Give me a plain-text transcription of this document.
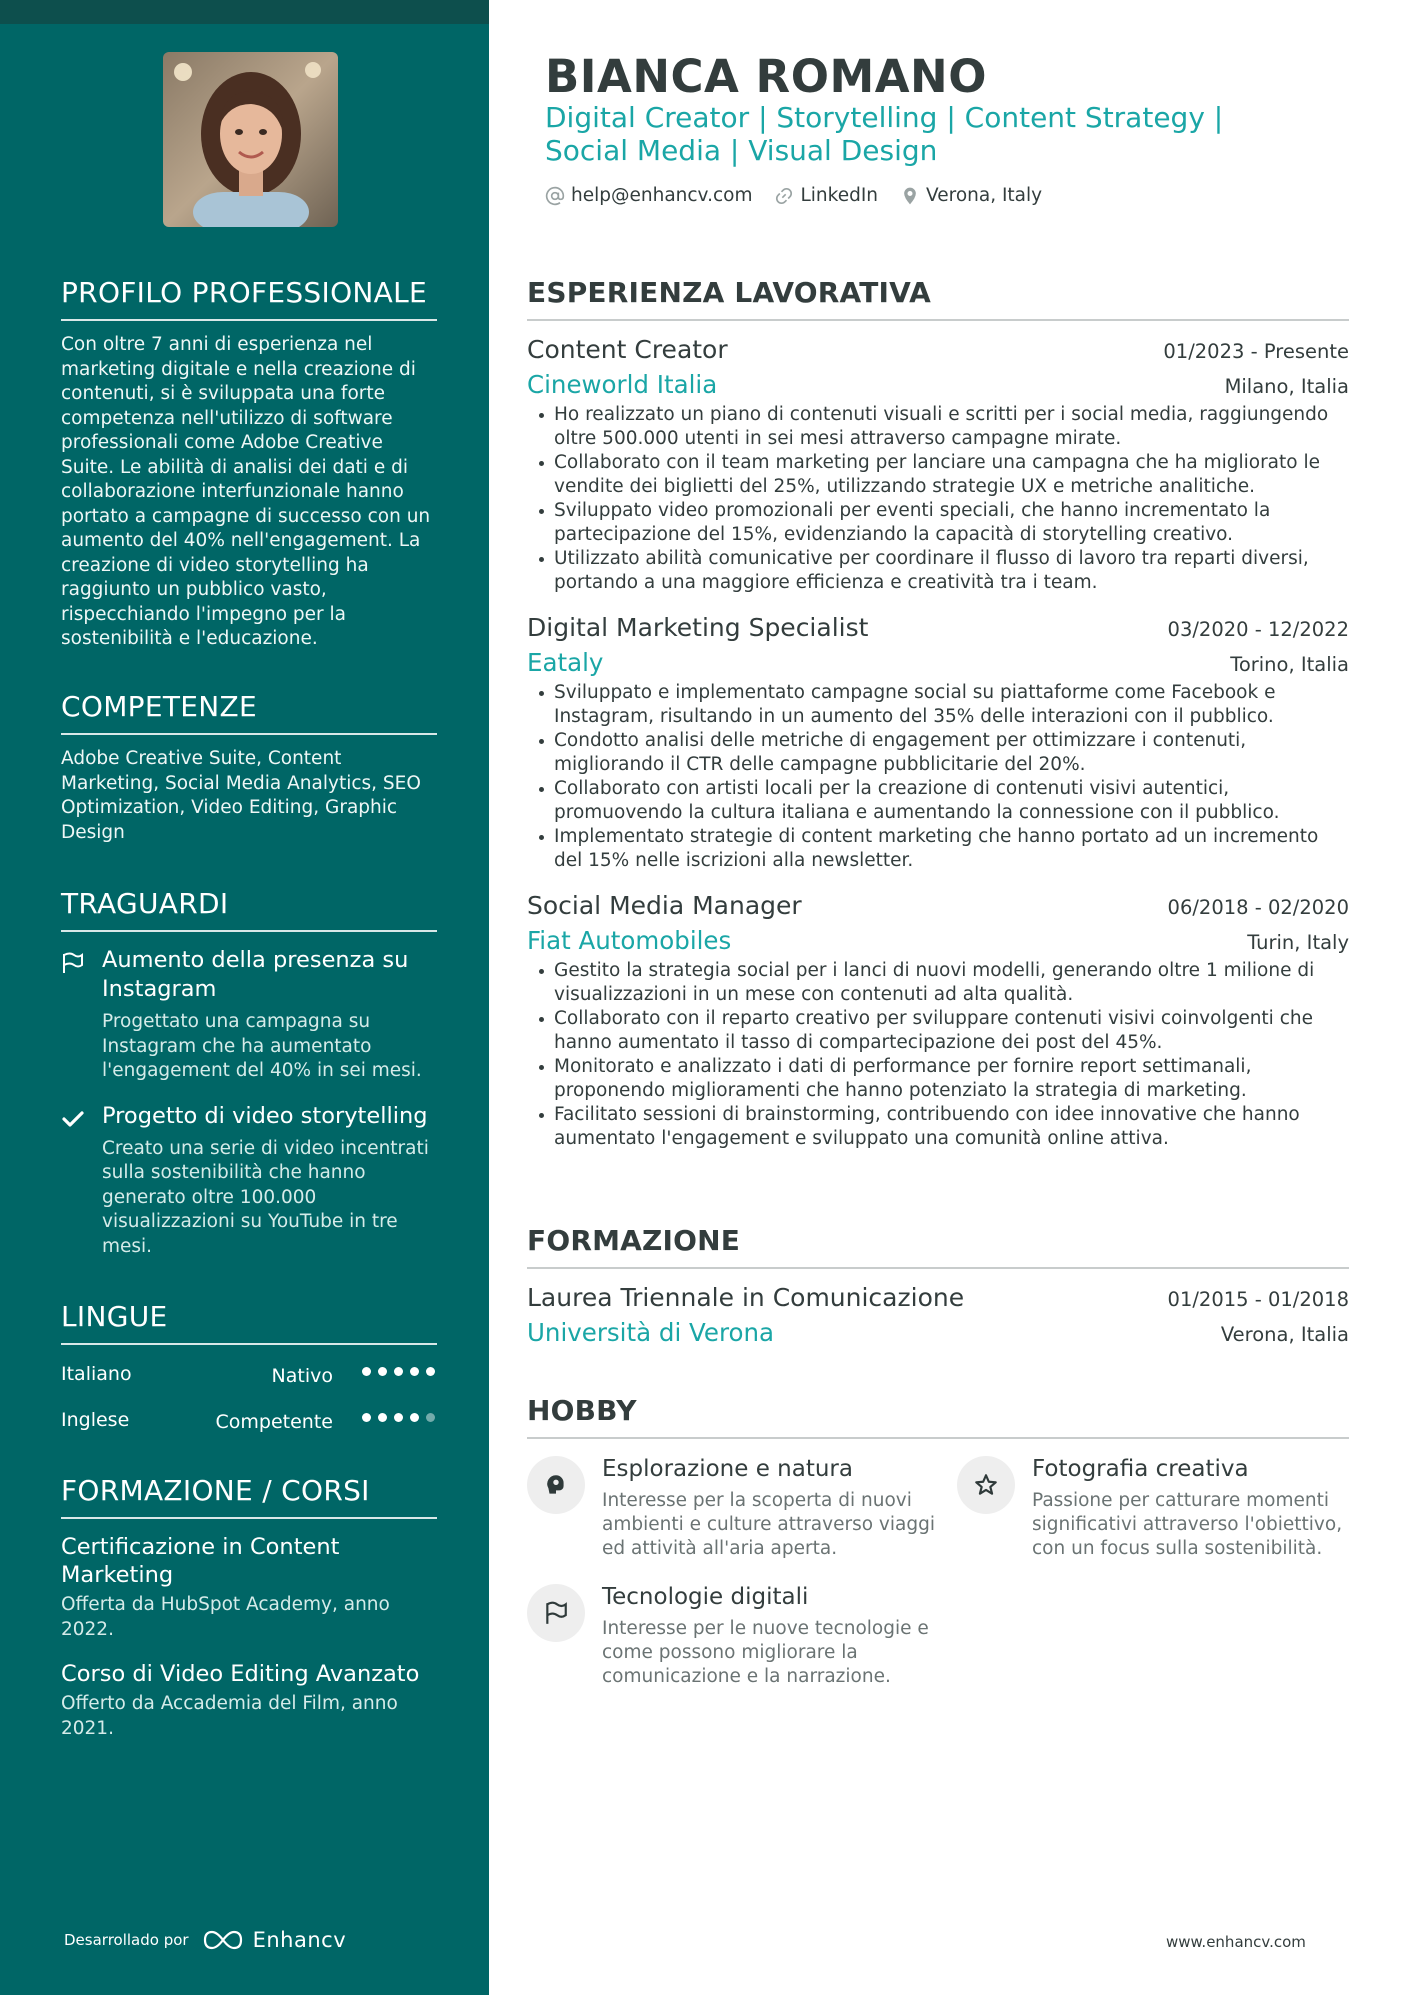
PROFILO PROFESSIONALE

Con oltre 7 anni di esperienza nel marketing digitale e nella creazione di contenuti, si è sviluppata una forte competenza nell'utilizzo di software professionali come Adobe Creative Suite. Le abilità di analisi dei dati e di collaborazione interfunzionale hanno portato a campagne di successo con un aumento del 40% nell'engagement. La creazione di video storytelling ha raggiunto un pubblico vasto, rispecchiando l'impegno per la sostenibilità e l'educazione.

COMPETENZE

Adobe Creative Suite, Content Marketing, Social Media Analytics, SEO Optimization, Video Editing, Graphic Design

TRAGUARDI
Aumento della presenza su Instagram
Progettato una campagna su Instagram che ha aumentato l'engagement del 40% in sei mesi.
Progetto di video storytelling
Creato una serie di video incentrati sulla sostenibilità che hanno generato oltre 100.000 visualizzazioni su YouTube in tre mesi.
LINGUE
Italiano	Nativo
Inglese	Competente
FORMAZIONE / CORSI
Certificazione in Content Marketing
Offerta da HubSpot Academy, anno 2022.
Corso di Video Editing Avanzato
Offerto da Accademia del Film, anno 2021.
Desarrollado por	Enhancv
BIANCA ROMANO
Digital Creator | Storytelling | Content Strategy | Social Media | Visual Design
help@enhancv.com	LinkedIn	Verona, Italy
ESPERIENZA LAVORATIVA
Content Creator	01/2023 - Presente
Cineworld Italia	Milano, Italia
Ho realizzato un piano di contenuti visuali e scritti per i social media, raggiungendo oltre 500.000 utenti in sei mesi attraverso campagne mirate.
Collaborato con il team marketing per lanciare una campagna che ha migliorato le vendite dei biglietti del 25%, utilizzando strategie UX e metriche analitiche.
Sviluppato video promozionali per eventi speciali, che hanno incrementato la partecipazione del 15%, evidenziando la capacità di storytelling creativo.
Utilizzato abilità comunicative per coordinare il flusso di lavoro tra reparti diversi, portando a una maggiore efficienza e creatività tra i team.
Digital Marketing Specialist	03/2020 - 12/2022
Eataly	Torino, Italia
Sviluppato e implementato campagne social su piattaforme come Facebook e Instagram, risultando in un aumento del 35% delle interazioni con il pubblico.
Condotto analisi delle metriche di engagement per ottimizzare i contenuti, migliorando il CTR delle campagne pubblicitarie del 20%.
Collaborato con artisti locali per la creazione di contenuti visivi autentici, promuovendo la cultura italiana e aumentando la connessione con il pubblico.
Implementato strategie di content marketing che hanno portato ad un incremento del 15% nelle iscrizioni alla newsletter.
Social Media Manager	06/2018 - 02/2020
Fiat Automobiles	Turin, Italy
Gestito la strategia social per i lanci di nuovi modelli, generando oltre 1 milione di visualizzazioni in un mese con contenuti ad alta qualità.
Collaborato con il reparto creativo per sviluppare contenuti visivi coinvolgenti che hanno aumentato il tasso di compartecipazione dei post del 45%.
Monitorato e analizzato i dati di performance per fornire report settimanali, proponendo miglioramenti che hanno potenziato la strategia di marketing.
Facilitato sessioni di brainstorming, contribuendo con idee innovative che hanno aumentato l'engagement e sviluppato una comunità online attiva.
FORMAZIONE
Laurea Triennale in Comunicazione	01/2015 - 01/2018
Università di Verona	Verona, Italia
HOBBY
Esplorazione e natura
Interesse per la scoperta di nuovi ambienti e culture attraverso viaggi ed attività all'aria aperta.
Fotografia creativa
Passione per catturare momenti significativi attraverso l'obiettivo, con un focus sulla sostenibilità.
Tecnologie digitali
Interesse per le nuove tecnologie e come possono migliorare la comunicazione e la narrazione.
www.enhancv.com
